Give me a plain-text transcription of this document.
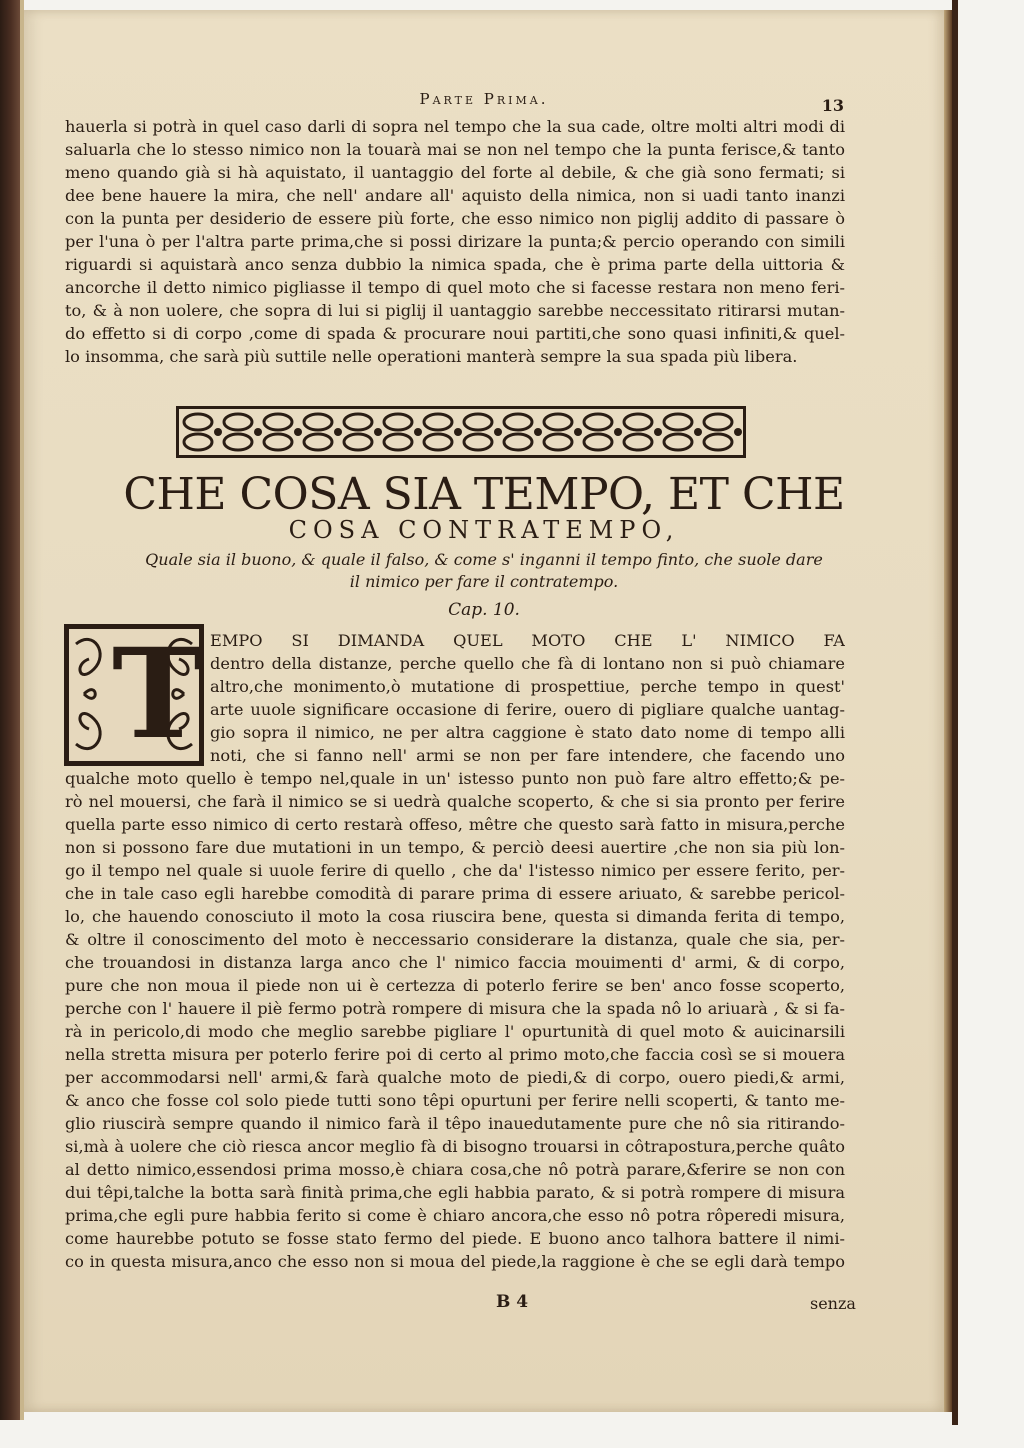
Parte Prima.	13
hauerla si potrà in quel caso darli di sopra nel tempo che la sua cade, oltre molti altri modi di
saluarla che lo stesso nimico non la touarà mai se non nel tempo che la punta ferisce,& tanto
meno quando già si hà aquistato, il uantaggio del forte al debile, & che già sono fermati; si
dee bene hauere la mira, che nell' andare all' aquisto della nimica, non si uadi tanto inanzi
con la punta per desiderio de essere più forte, che esso nimico non piglij addito di passare ò
per l'una ò per l'altra parte prima,che si possi dirizare la punta;& percio operando con simili
riguardi si aquistarà anco senza dubbio la nimica spada, che è prima parte della uittoria &
ancorche il detto nimico pigliasse il tempo di quel moto che si facesse restara non meno feri-
to, & à non uolere, che sopra di lui si piglij il uantaggio sarebbe neccessitato ritirarsi mutan-
do effetto si di corpo ,come di spada & procurare noui partiti,che sono quasi infiniti,& quel-
lo insomma, che sarà più suttile nelle operationi manterà sempre la sua spada più libera.
CHE COSA SIA TEMPO, ET CHE
COSA CONTRATEMPO,
Quale sia il buono, & quale il falso, & come s' inganni il tempo finto, che suole dare
il nimico per fare il contratempo.
Cap. 10.
T EMPO SI DIMANDA QUEL MOTO CHE L' NIMICO FA
dentro della distanze, perche quello che fà di lontano non si può chiamare
altro,che monimento,ò mutatione di prospettiue, perche tempo in quest'
arte uuole significare occasione di ferire, ouero di pigliare qualche uantag-
gio sopra il nimico, ne per altra caggione è stato dato nome di tempo alli
noti, che si fanno nell' armi se non per fare intendere, che facendo uno
qualche moto quello è tempo nel,quale in un' istesso punto non può fare altro effetto;& pe-
rò nel mouersi, che farà il nimico se si uedrà qualche scoperto, & che si sia pronto per ferire
quella parte esso nimico di certo restarà offeso, mêtre che questo sarà fatto in misura,perche
non si possono fare due mutationi in un tempo, & perciò deesi auertire ,che non sia più lon-
go il tempo nel quale si uuole ferire di quello , che da' l'istesso nimico per essere ferito, per-
che in tale caso egli harebbe comodità di parare prima di essere ariuato, & sarebbe pericol-
lo, che hauendo conosciuto il moto la cosa riuscira bene, questa si dimanda ferita di tempo,
& oltre il conoscimento del moto è neccessario considerare la distanza, quale che sia, per-
che trouandosi in distanza larga anco che l' nimico faccia mouimenti d' armi, & di corpo,
pure che non moua il piede non ui è certezza di poterlo ferire se ben' anco fosse scoperto,
perche con l' hauere il piè fermo potrà rompere di misura che la spada nô lo ariuarà , & si fa-
rà in pericolo,di modo che meglio sarebbe pigliare l' opurtunità di quel moto & auicinarsili
nella stretta misura per poterlo ferire poi di certo al primo moto,che faccia così se si mouera
per accommodarsi nell' armi,& farà qualche moto de piedi,& di corpo, ouero piedi,& armi,
& anco che fosse col solo piede tutti sono têpi opurtuni per ferire nelli scoperti, & tanto me-
glio riuscirà sempre quando il nimico farà il têpo inauedutamente pure che nô sia ritirando-
si,mà à uolere che ciò riesca ancor meglio fà di bisogno trouarsi in côtrapostura,perche quâto
al detto nimico,essendosi prima mosso,è chiara cosa,che nô potrà parare,&ferire se non con
dui têpi,talche la botta sarà finità prima,che egli habbia parato, & si potrà rompere di misura
prima,che egli pure habbia ferito si come è chiaro ancora,che esso nô potra rôperedi misura,
come haurebbe potuto se fosse stato fermo del piede. E buono anco talhora battere il nimi-
co in questa misura,anco che esso non si moua del piede,la raggione è che se egli darà tempo
B 4	senza
